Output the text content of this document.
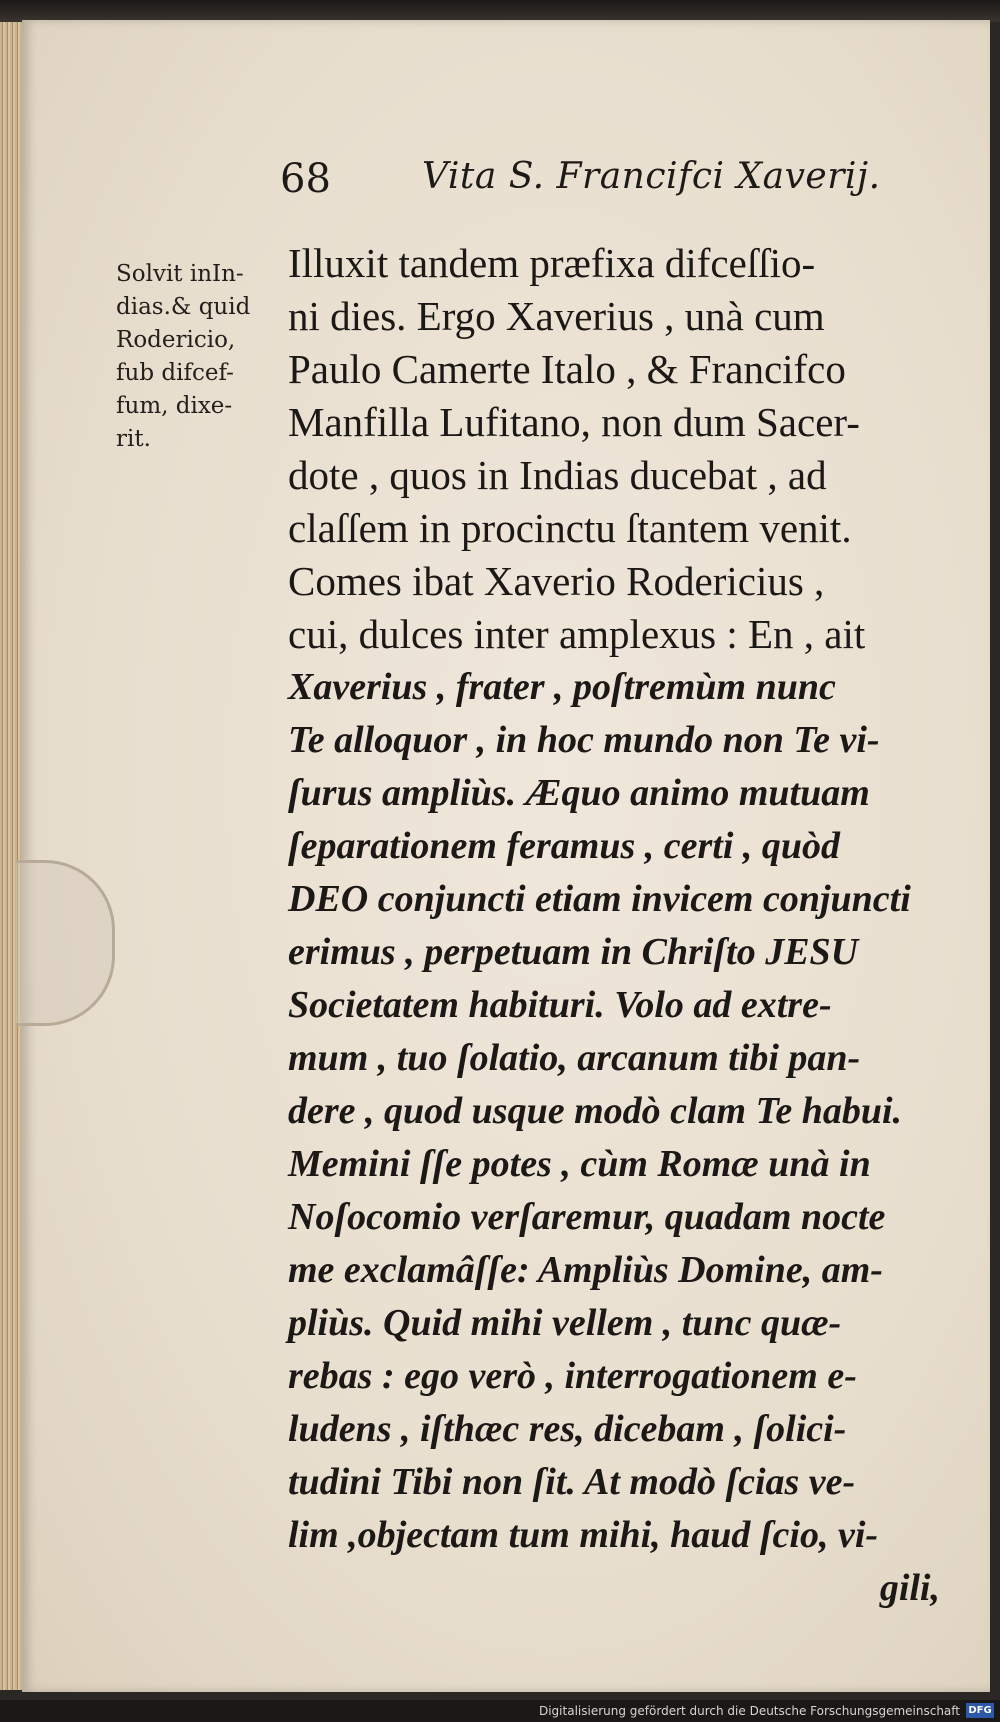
68	Vita S. Francifci Xaverij.
Solvit inIn-
dias.& quid
Rodericio,
fub difcef-
fum, dixe-
rit.
Illuxit tandem præfixa difceſſio-
ni dies. Ergo Xaverius , unà cum
Paulo Camerte Italo , & Francifco
Manfilla Lufitano, non dum Sacer-
dote , quos in Indias ducebat , ad
claſſem in procinctu ſtantem venit.
Comes ibat Xaverio Rodericius ,
cui, dulces inter amplexus : En , ait
Xaverius , frater , poſtremùm nunc
Te alloquor , in hoc mundo non Te vi-
ſurus ampliùs. Æquo animo mutuam
ſeparationem feramus , certi , quòd
DEO conjuncti etiam invicem conjuncti
erimus , perpetuam in Chriſto JESU
Societatem habituri. Volo ad extre-
mum , tuo ſolatio, arcanum tibi pan-
dere , quod usque modò clam Te habui.
Memini ſſe potes , cùm Romæ unà in
Noſocomio verſaremur, quadam nocte
me exclamâſſe: Ampliùs Domine, am-
pliùs. Quid mihi vellem , tunc quæ-
rebas : ego verò , interrogationem e-
ludens , iſthæc res, dicebam , ſolici-
tudini Tibi non ſit. At modò ſcias ve-
lim ,objectam tum mihi, haud ſcio, vi-
gili,
Digitalisierung gefördert durch die Deutsche Forschungsgemeinschaft DFG
